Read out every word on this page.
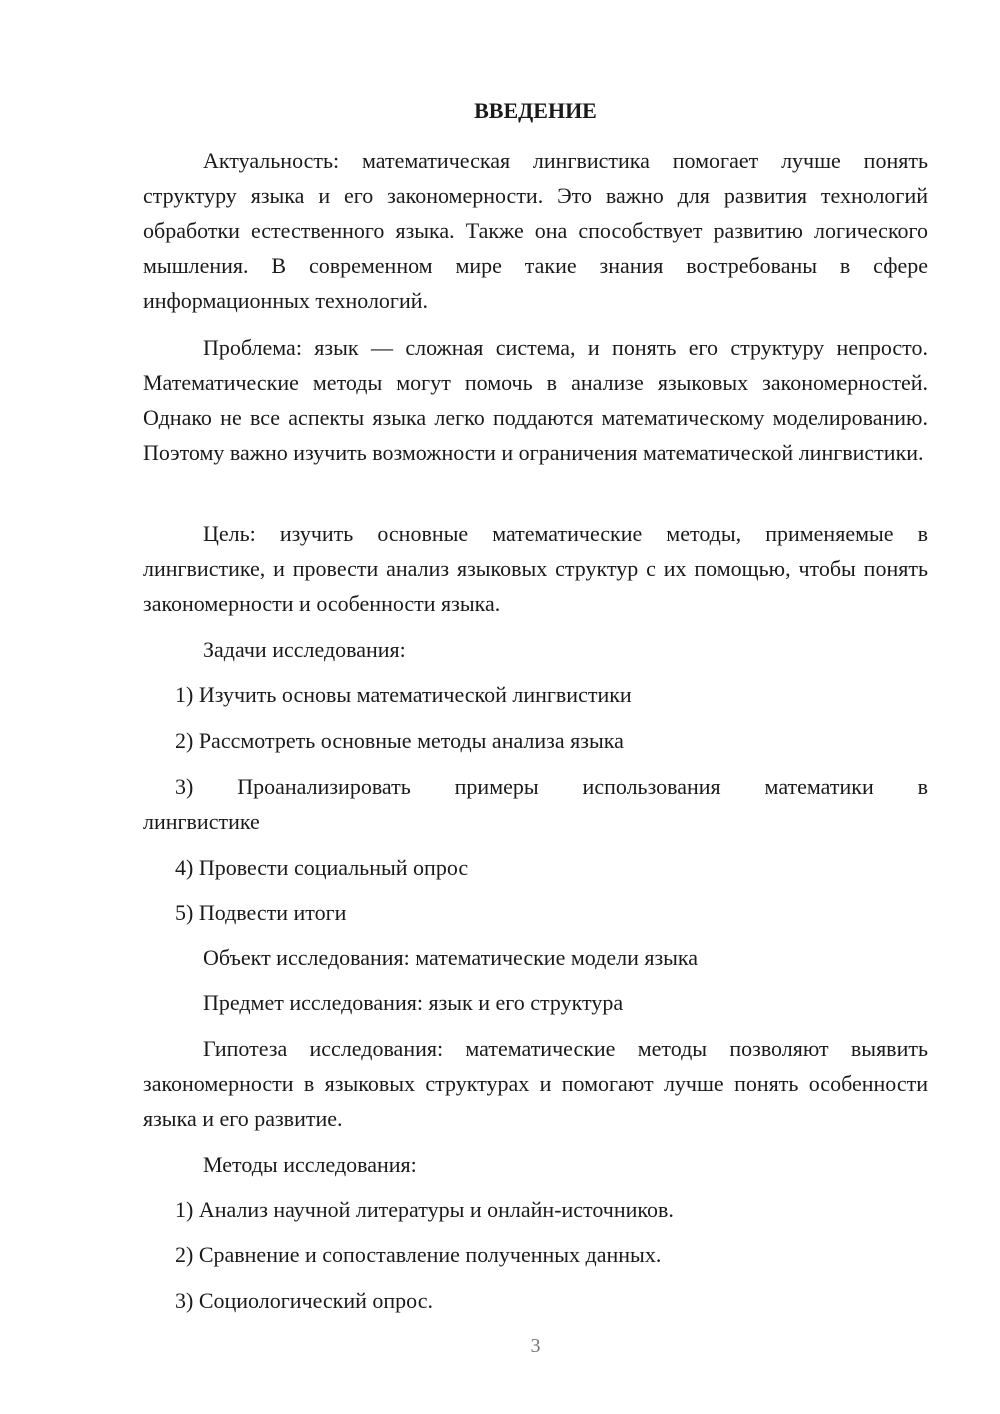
ВВЕДЕНИЕ

Актуальность: математическая лингвистика помогает лучше понять структуру языка и его закономерности. Это важно для развития технологий обработки естественного языка. Также она способствует развитию логического мышления. В современном мире такие знания востребованы в сфере информационных технологий.

Проблема: язык — сложная система, и понять его структуру непросто. Математические методы могут помочь в анализе языковых закономерностей. Однако не все аспекты языка легко поддаются математическому моделированию. Поэтому важно изучить возможности и ограничения математической лингвистики.

Цель: изучить основные математические методы, применяемые в лингвистике, и провести анализ языковых структур с их помощью, чтобы понять закономерности и особенности языка.

Задачи исследования:

1) Изучить основы математической лингвистики

2) Рассмотреть основные методы анализа языка

3) Проанализировать примеры использования математики в лингвистике

4) Провести социальный опрос

5) Подвести итоги

Объект исследования: математические модели языка

Предмет исследования: язык и его структура

Гипотеза исследования: математические методы позволяют выявить закономерности в языковых структурах и помогают лучше понять особенности языка и его развитие.

Методы исследования:

1) Анализ научной литературы и онлайн-источников.

2) Сравнение и сопоставление полученных данных.

3) Социологический опрос.

3
